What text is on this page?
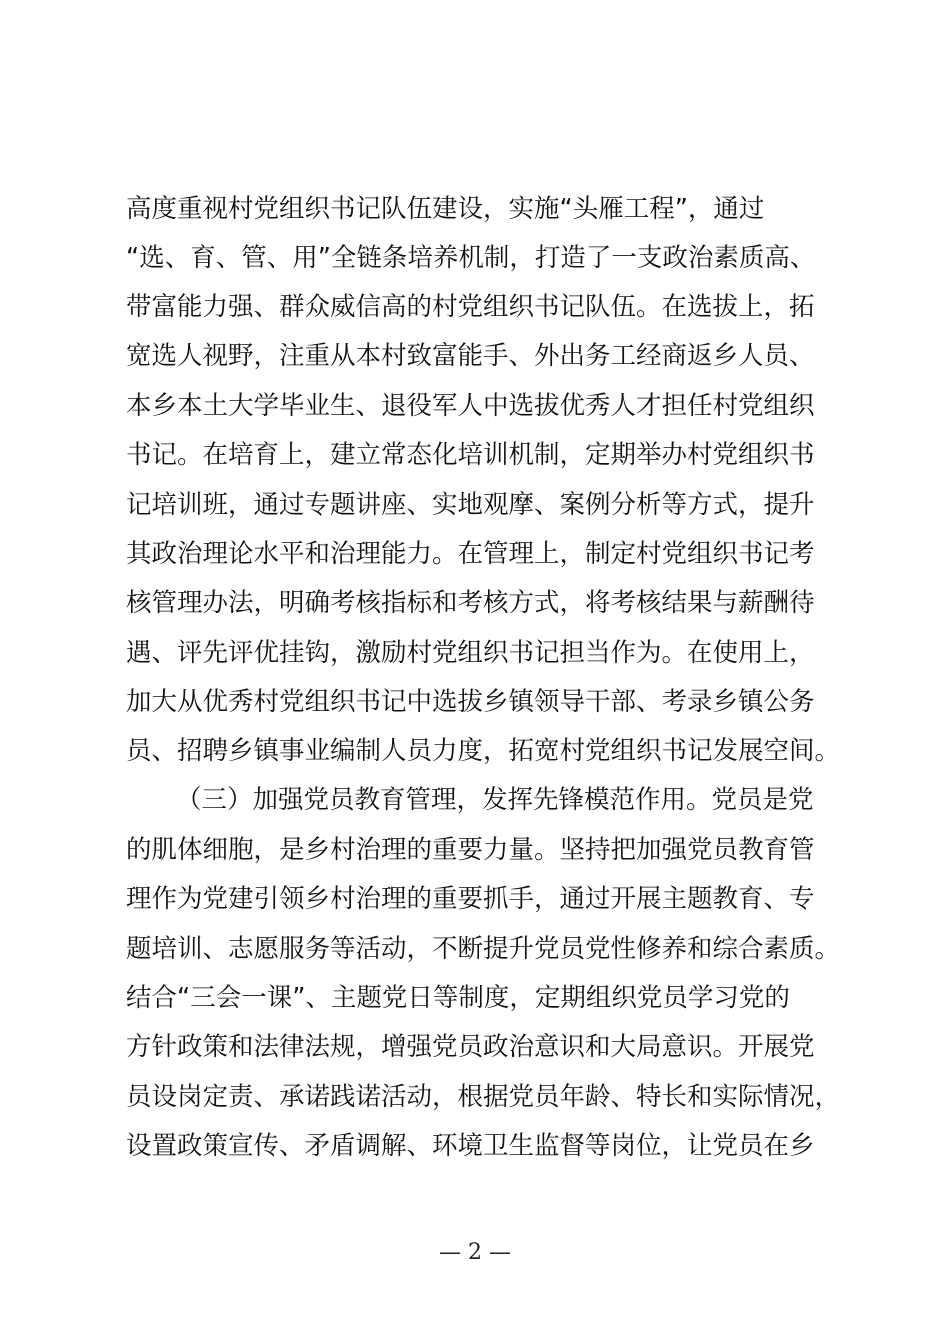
高度重视村党组织书记队伍建设，实施“头雁工程”，通过
“选、育、管、用”全链条培养机制，打造了一支政治素质高、
带富能力强、群众威信高的村党组织书记队伍。在选拔上，拓
宽选人视野，注重从本村致富能手、外出务工经商返乡人员、
本乡本土大学毕业生、退役军人中选拔优秀人才担任村党组织
书记。在培育上，建立常态化培训机制，定期举办村党组织书
记培训班，通过专题讲座、实地观摩、案例分析等方式，提升
其政治理论水平和治理能力。在管理上，制定村党组织书记考
核管理办法，明确考核指标和考核方式，将考核结果与薪酬待
遇、评先评优挂钩，激励村党组织书记担当作为。在使用上，
加大从优秀村党组织书记中选拔乡镇领导干部、考录乡镇公务
员、招聘乡镇事业编制人员力度，拓宽村党组织书记发展空间。
（三）加强党员教育管理，发挥先锋模范作用。党员是党
的肌体细胞，是乡村治理的重要力量。坚持把加强党员教育管
理作为党建引领乡村治理的重要抓手，通过开展主题教育、专
题培训、志愿服务等活动，不断提升党员党性修养和综合素质。
结合“三会一课”、主题党日等制度，定期组织党员学习党的
方针政策和法律法规，增强党员政治意识和大局意识。开展党
员设岗定责、承诺践诺活动，根据党员年龄、特长和实际情况，
设置政策宣传、矛盾调解、环境卫生监督等岗位，让党员在乡
— 2 —
